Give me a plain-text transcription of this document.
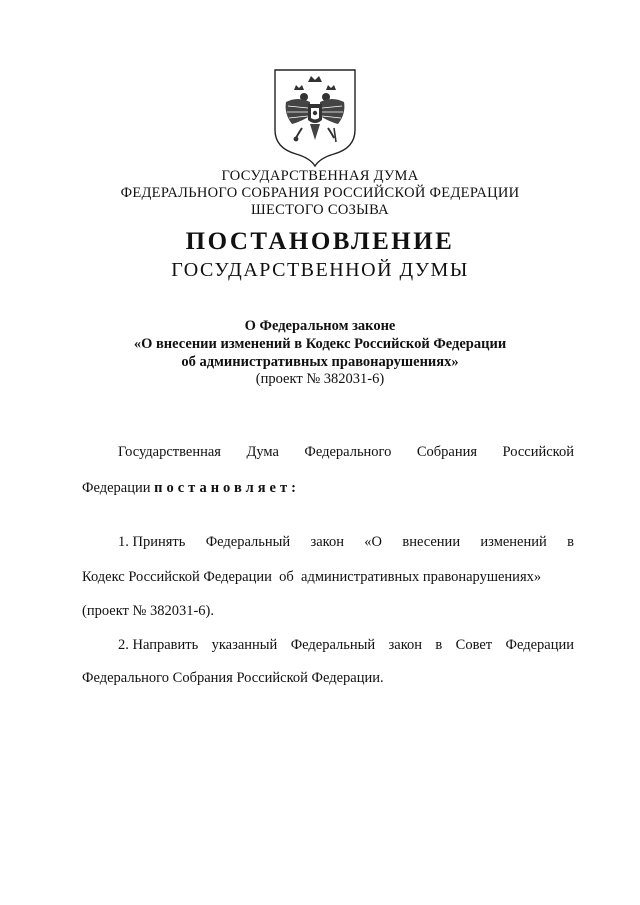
ГОСУДАРСТВЕННАЯ ДУМА
ФЕДЕРАЛЬНОГО СОБРАНИЯ РОССИЙСКОЙ ФЕДЕРАЦИИ
ШЕСТОГО СОЗЫВА
ПОСТАНОВЛЕНИЕ
ГОСУДАРСТВЕННОЙ ДУМЫ
О Федеральном законе
«О внесении изменений в Кодекс Российской Федерации
об административных правонарушениях»
(проект № 382031-6)
Государственная Дума Федерального Собрания Российской
Федерации постановляет:
1. Принять Федеральный закон «О внесении изменений в
Кодекс Российской Федерации  об  административных правонарушениях»
(проект № 382031-6).
2. Направить указанный Федеральный закон в Совет Федерации
Федерального Собрания Российской Федерации.
